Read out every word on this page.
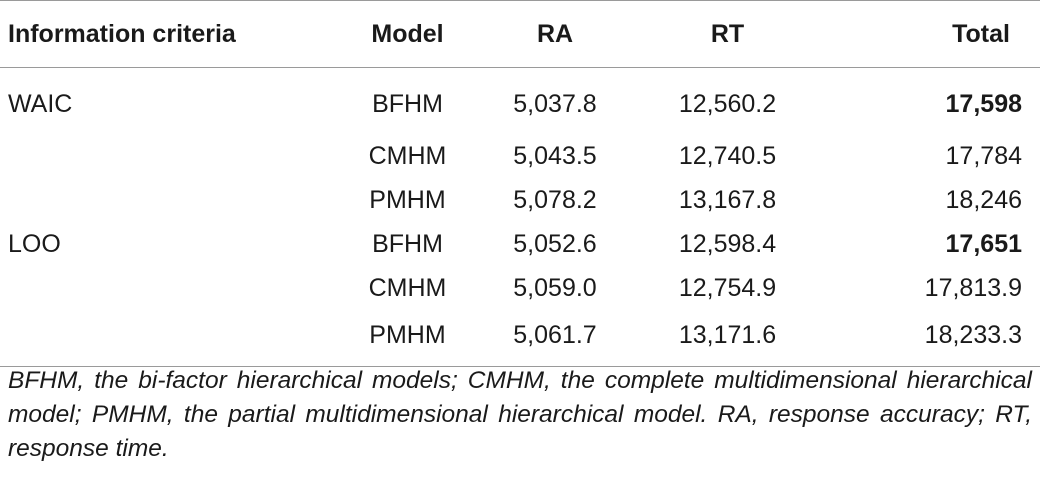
Information criteria	Model	RA	RT	Total
WAIC	BFHM	5,037.8	12,560.2	17,598
	CMHM	5,043.5	12,740.5	17,784
	PMHM	5,078.2	13,167.8	18,246
LOO	BFHM	5,052.6	12,598.4	17,651
	CMHM	5,059.0	12,754.9	17,813.9
	PMHM	5,061.7	13,171.6	18,233.3
BFHM, the bi-factor hierarchical models; CMHM, the complete multidimensional hierarchical model; PMHM, the partial multidimensional hierarchical model. RA, response accuracy; RT, response time.
